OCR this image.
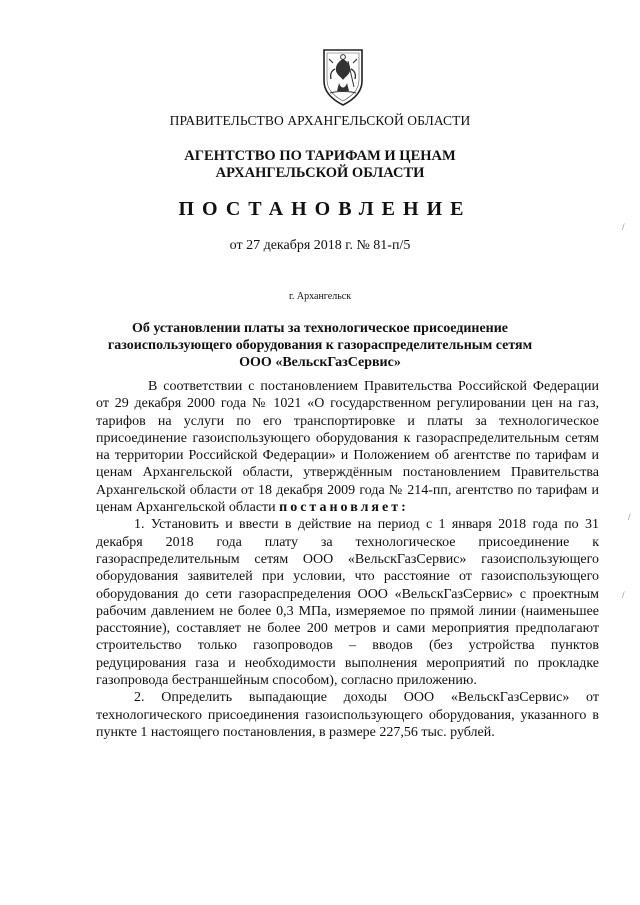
ПРАВИТЕЛЬСТВО АРХАНГЕЛЬСКОЙ ОБЛАСТИ
АГЕНТСТВО ПО ТАРИФАМ И ЦЕНАМ
АРХАНГЕЛЬСКОЙ ОБЛАСТИ
ПОСТАНОВЛЕНИЕ
от 27 декабря 2018 г. № 81-п/5
г. Архангельск
Об установлении платы за технологическое присоединение
газоиспользующего оборудования к газораспределительным сетям
ООО «ВельскГазСервис»

В соответствии с постановлением Правительства Российской Федерации от 29 декабря 2000 года № 1021 «О государственном регулировании цен на газ, тарифов на услуги по его транспортировке и платы за технологическое присоединение газоиспользующего оборудования к газораспределительным сетям на территории Российской Федерации» и Положением об агентстве по тарифам и ценам Архангельской области, утверждённым постановлением Правительства Архангельской области от 18 декабря 2009 года № 214-пп, агентство по тарифам и ценам Архангельской области постановляет:

1. Установить и ввести в действие на период с 1 января 2018 года по 31 декабря 2018 года плату за технологическое присоединение к газораспределительным сетям ООО «ВельскГазСервис» газоиспользующего оборудования заявителей при условии, что расстояние от газоиспользующего оборудования до сети газораспределения ООО «ВельскГазСервис» с проектным рабочим давлением не более 0,3 МПа, измеряемое по прямой линии (наименьшее расстояние), составляет не более 200 метров и сами мероприятия предполагают строительство только газопроводов – вводов (без устройства пунктов редуцирования газа и необходимости выполнения мероприятий по прокладке газопровода бестраншейным способом), согласно приложению.

2. Определить выпадающие доходы ООО «ВельскГазСервис» от технологического присоединения газоиспользующего оборудования, указанного в пункте 1 настоящего постановления, в размере 227,56 тыс. рублей.

/
/
/
